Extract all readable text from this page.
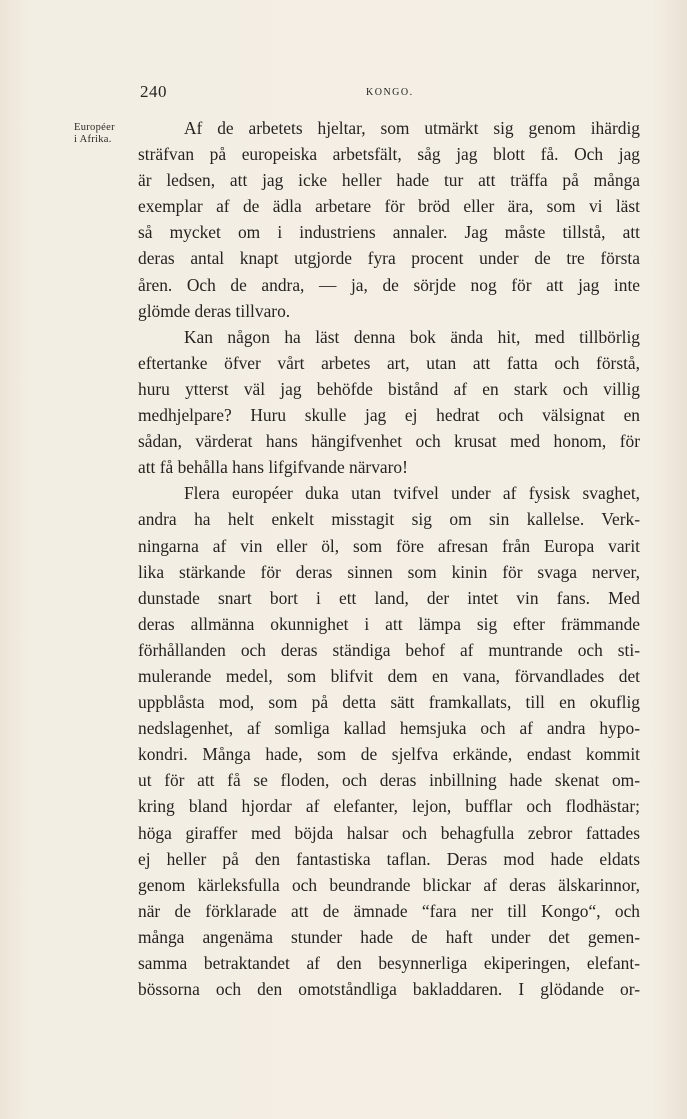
240	KONGO.
Européer
i Afrika.
Af de arbetets hjeltar, som utmärkt sig genom ihärdig
sträfvan på europeiska arbetsfält, såg jag blott få. Och jag
är ledsen, att jag icke heller hade tur att träffa på många
exemplar af de ädla arbetare för bröd eller ära, som vi läst
så mycket om i industriens annaler. Jag måste tillstå, att
deras antal knapt utgjorde fyra procent under de tre första
åren. Och de andra, — ja, de sörjde nog för att jag inte
glömde deras tillvaro.
Kan någon ha läst denna bok ända hit, med tillbörlig
eftertanke öfver vårt arbetes art, utan att fatta och förstå,
huru ytterst väl jag behöfde bistånd af en stark och villig
medhjelpare? Huru skulle jag ej hedrat och välsignat en
sådan, värderat hans hängifvenhet och krusat med honom, för
att få behålla hans lifgifvande närvaro!
Flera européer duka utan tvifvel under af fysisk svaghet,
andra ha helt enkelt misstagit sig om sin kallelse. Verk-
ningarna af vin eller öl, som före afresan från Europa varit
lika stärkande för deras sinnen som kinin för svaga nerver,
dunstade snart bort i ett land, der intet vin fans. Med
deras allmänna okunnighet i att lämpa sig efter främmande
förhållanden och deras ständiga behof af muntrande och sti-
mulerande medel, som blifvit dem en vana, förvandlades det
uppblåsta mod, som på detta sätt framkallats, till en okuflig
nedslagenhet, af somliga kallad hemsjuka och af andra hypo-
kondri. Många hade, som de sjelfva erkände, endast kommit
ut för att få se floden, och deras inbillning hade skenat om-
kring bland hjordar af elefanter, lejon, bufflar och flodhästar;
höga giraffer med böjda halsar och behagfulla zebror fattades
ej heller på den fantastiska taflan. Deras mod hade eldats
genom kärleksfulla och beundrande blickar af deras älskarinnor,
när de förklarade att de ämnade “fara ner till Kongo“, och
många angenäma stunder hade de haft under det gemen-
samma betraktandet af den besynnerliga ekiperingen, elefant-
bössorna och den omotståndliga bakladdaren. I glödande or-
